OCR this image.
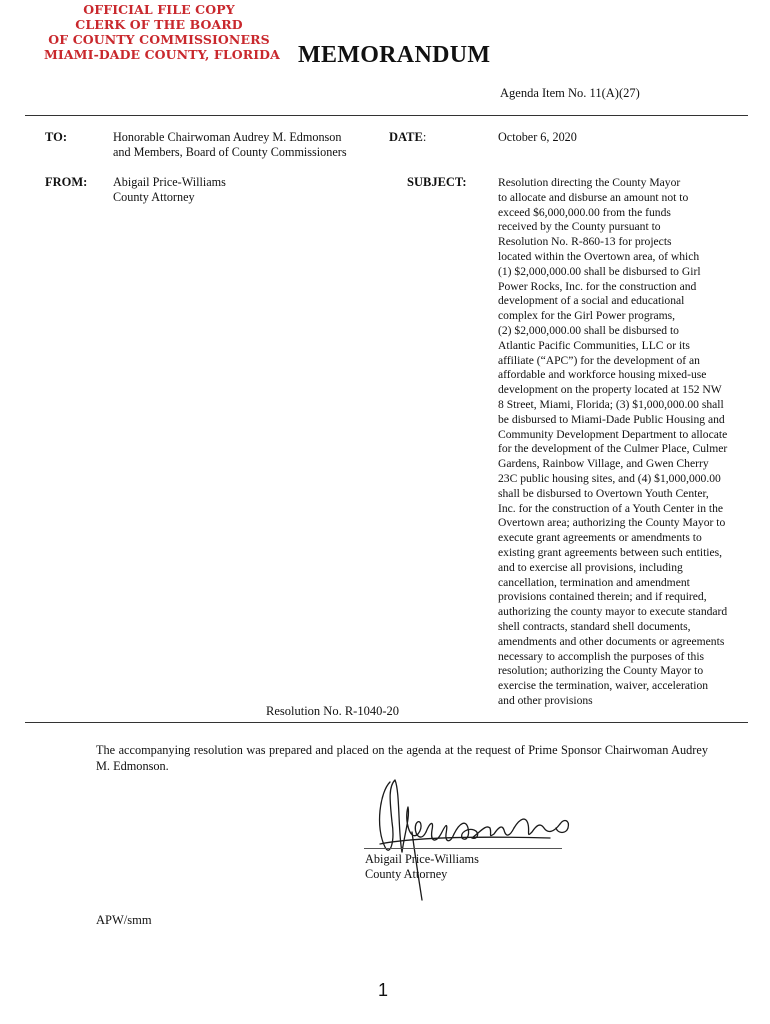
OFFICIAL FILE COPY
CLERK OF THE BOARD
OF COUNTY COMMISSIONERS
MIAMI-DADE COUNTY, FLORIDA MEMORANDUM
Agenda Item No. 11(A)(27)
TO:	Honorable Chairwoman Audrey M. Edmonson
and Members, Board of County Commissioners
DATE:	October 6, 2020
FROM: Abigail Price-Williams
County Attorney
SUBJECT:	Resolution directing the County Mayor
to allocate and disburse an amount not to
exceed $6,000,000.00 from the funds
received by the County pursuant to
Resolution No. R-860-13 for projects
located within the Overtown area, of which
(1) $2,000,000.00 shall be disbursed to Girl
Power Rocks, Inc. for the construction and
development of a social and educational
complex for the Girl Power programs,
(2) $2,000,000.00 shall be disbursed to
Atlantic Pacific Communities, LLC or its
affiliate (“APC”) for the development of an
affordable and workforce housing mixed-use
development on the property located at 152 NW
8 Street, Miami, Florida; (3) $1,000,000.00 shall
be disbursed to Miami-Dade Public Housing and
Community Development Department to allocate
for the development of the Culmer Place, Culmer
Gardens, Rainbow Village, and Gwen Cherry
23C public housing sites, and (4) $1,000,000.00
shall be disbursed to Overtown Youth Center,
Inc. for the construction of a Youth Center in the
Overtown area; authorizing the County Mayor to
execute grant agreements or amendments to
existing grant agreements between such entities,
and to exercise all provisions, including
cancellation, termination and amendment
provisions contained therein; and if required,
authorizing the county mayor to execute standard
shell contracts, standard shell documents,
amendments and other documents or agreements
necessary to accomplish the purposes of this
resolution; authorizing the County Mayor to
exercise the termination, waiver, acceleration
and other provisions
Resolution No. R-1040-20
The accompanying resolution was prepared and placed on the agenda at the request of Prime Sponsor Chairwoman Audrey M. Edmonson.
Abigail Price-Williams
County Attorney
APW/smm
1
